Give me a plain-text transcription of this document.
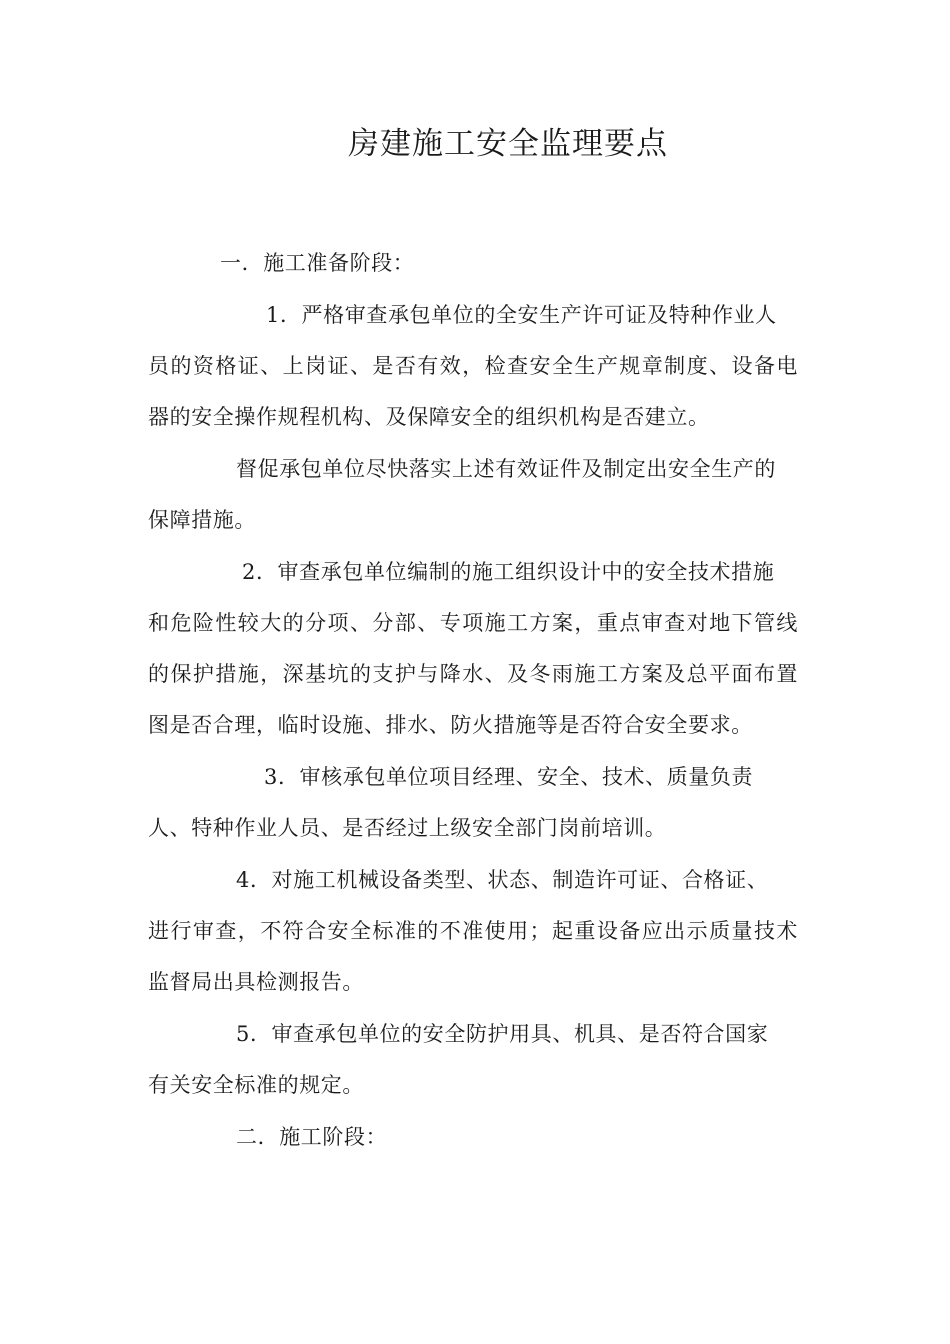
房建施工安全监理要点
一．施工准备阶段：
1．严格审查承包单位的全安生产许可证及特种作业人
员的资格证、上岗证、是否有效，检查安全生产规章制度、设备电
器的安全操作规程机构、及保障安全的组织机构是否建立。
督促承包单位尽快落实上述有效证件及制定出安全生产的
保障措施。
2．审查承包单位编制的施工组织设计中的安全技术措施
和危险性较大的分项、分部、专项施工方案，重点审查对地下管线
的保护措施，深基坑的支护与降水、及冬雨施工方案及总平面布置
图是否合理，临时设施、排水、防火措施等是否符合安全要求。
3．审核承包单位项目经理、安全、技术、质量负责
人、特种作业人员、是否经过上级安全部门岗前培训。
4．对施工机械设备类型、状态、制造许可证、合格证、
进行审查，不符合安全标准的不准使用；起重设备应出示质量技术
监督局出具检测报告。
5．审查承包单位的安全防护用具、机具、是否符合国家
有关安全标准的规定。
二．施工阶段：
